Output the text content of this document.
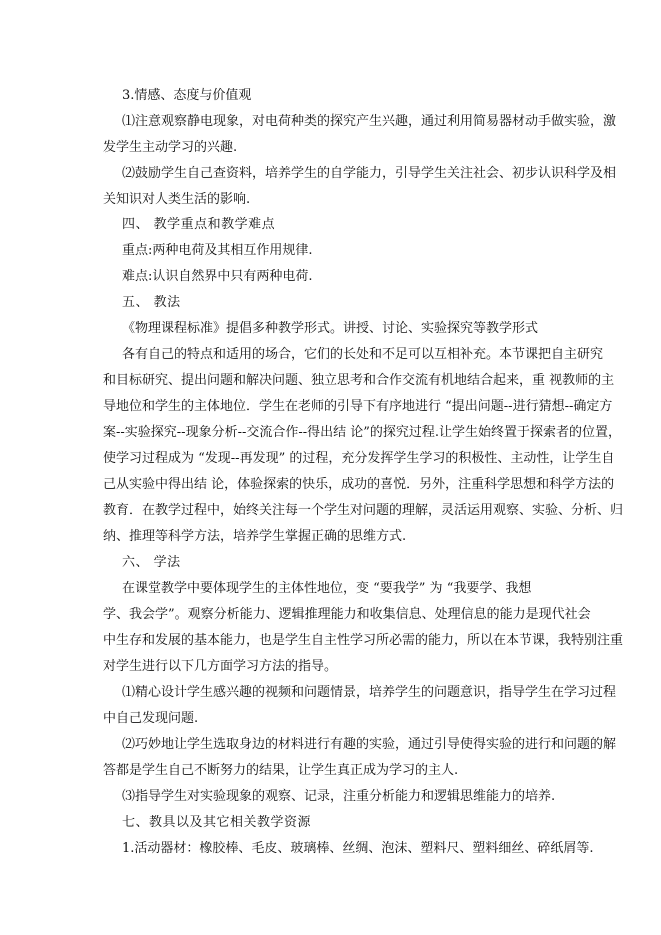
3.情感、态度与价值观
⑴注意观察静电现象，对电荷种类的探究产生兴趣，通过利用简易器材动手做实验，激
发学生主动学习的兴趣.
⑵鼓励学生自己查资料，培养学生的自学能力，引导学生关注社会、初步认识科学及相
关知识对人类生活的影响.
四、 教学重点和教学难点
重点:两种电荷及其相互作用规律.
难点:认识自然界中只有两种电荷.
五、 教法
《物理课程标准》提倡多种教学形式。讲授、讨论、实验探究等教学形式
各有自己的特点和适用的场合，它们的长处和不足可以互相补充。本节课把自主研究
和目标研究、提出问题和解决问题、独立思考和合作交流有机地结合起来，重 视教师的主
导地位和学生的主体地位．学生在老师的引导下有序地进行 “提出问题--进行猜想--确定方
案--实验探究--现象分析--交流合作--得出结 论”的探究过程.让学生始终置于探索者的位置，
使学习过程成为 “发现--再发现” 的过程，充分发挥学生学习的积极性、主动性，让学生自
己从实验中得出结 论，体验探索的快乐，成功的喜悦．另外，注重科学思想和科学方法的
教育．在教学过程中，始终关注每一个学生对问题的理解，灵活运用观察、实验、分析、归
纳、推理等科学方法，培养学生掌握正确的思维方式.
六、 学法
在课堂教学中要体现学生的主体性地位，变 “要我学” 为 “我要学、我想
学、我会学”。观察分析能力、逻辑推理能力和收集信息、处理信息的能力是现代社会
中生存和发展的基本能力，也是学生自主性学习所必需的能力，所以在本节课，我特别注重
对学生进行以下几方面学习方法的指导。
⑴精心设计学生感兴趣的视频和问题情景，培养学生的问题意识，指导学生在学习过程
中自己发现问题.
⑵巧妙地让学生选取身边的材料进行有趣的实验，通过引导使得实验的进行和问题的解
答都是学生自己不断努力的结果，让学生真正成为学习的主人.
⑶指导学生对实验现象的观察、记录，注重分析能力和逻辑思维能力的培养.
七、教具以及其它相关教学资源
1.活动器材：橡胶棒、毛皮、玻璃棒、丝绸、泡沫、塑料尺、塑料细丝、碎纸屑等.
